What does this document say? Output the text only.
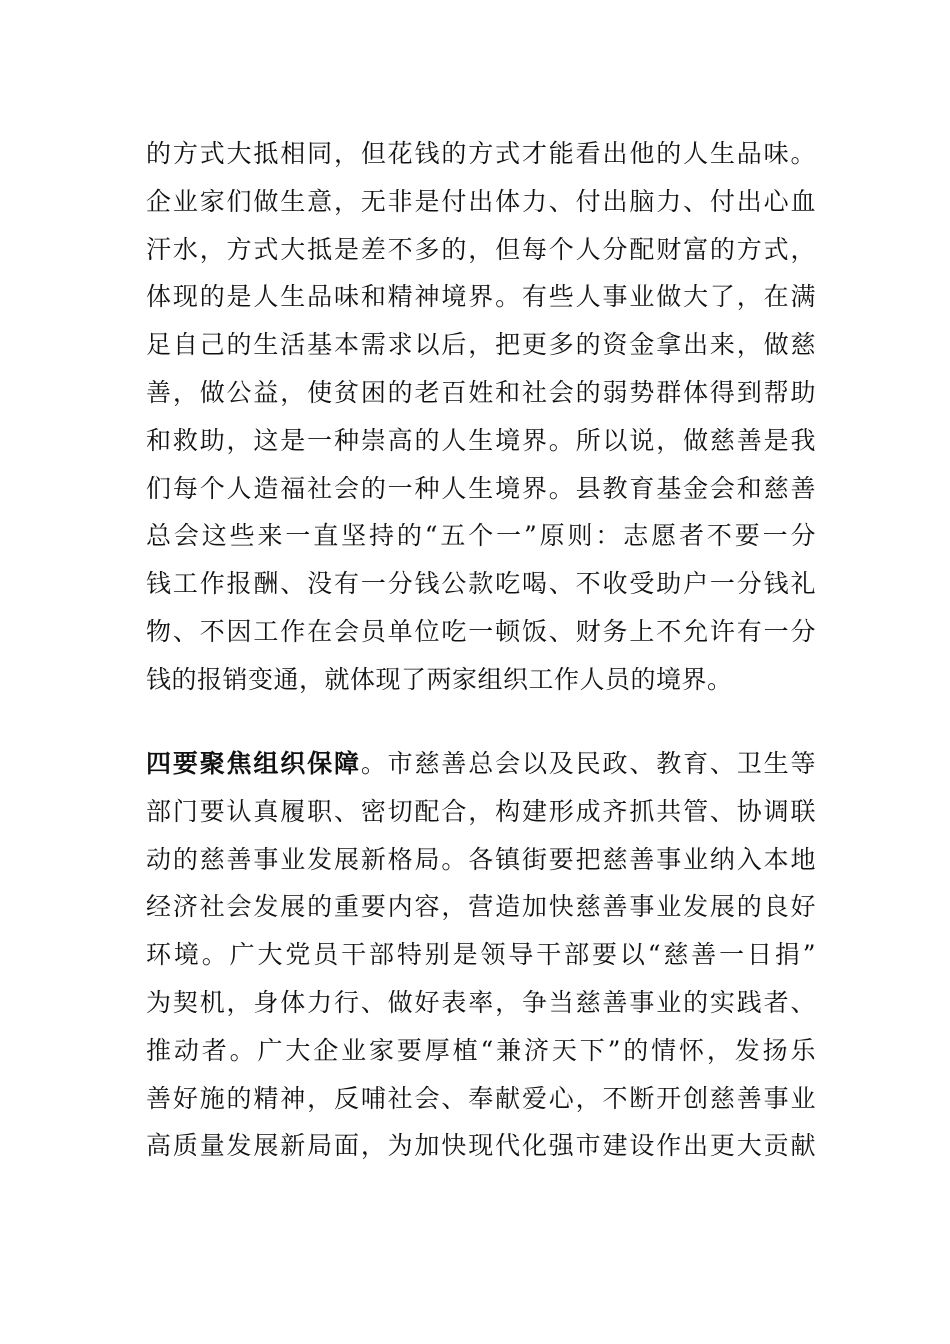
的方式大抵相同，但花钱的方式才能看出他的人生品味。
企业家们做生意，无非是付出体力、付出脑力、付出心血
汗水，方式大抵是差不多的，但每个人分配财富的方式，
体现的是人生品味和精神境界。有些人事业做大了，在满
足自己的生活基本需求以后，把更多的资金拿出来，做慈
善，做公益，使贫困的老百姓和社会的弱势群体得到帮助
和救助，这是一种崇高的人生境界。所以说，做慈善是我
们每个人造福社会的一种人生境界。县教育基金会和慈善
总会这些来一直坚持的“五个一”原则：志愿者不要一分
钱工作报酬、没有一分钱公款吃喝、不收受助户一分钱礼
物、不因工作在会员单位吃一顿饭、财务上不允许有一分
钱的报销变通，就体现了两家组织工作人员的境界。
四要聚焦组织保障。市慈善总会以及民政、教育、卫生等
部门要认真履职、密切配合，构建形成齐抓共管、协调联
动的慈善事业发展新格局。各镇街要把慈善事业纳入本地
经济社会发展的重要内容，营造加快慈善事业发展的良好
环境。广大党员干部特别是领导干部要以“慈善一日捐”
为契机，身体力行、做好表率，争当慈善事业的实践者、
推动者。广大企业家要厚植“兼济天下”的情怀，发扬乐
善好施的精神，反哺社会、奉献爱心，不断开创慈善事业
高质量发展新局面，为加快现代化强市建设作出更大贡献
